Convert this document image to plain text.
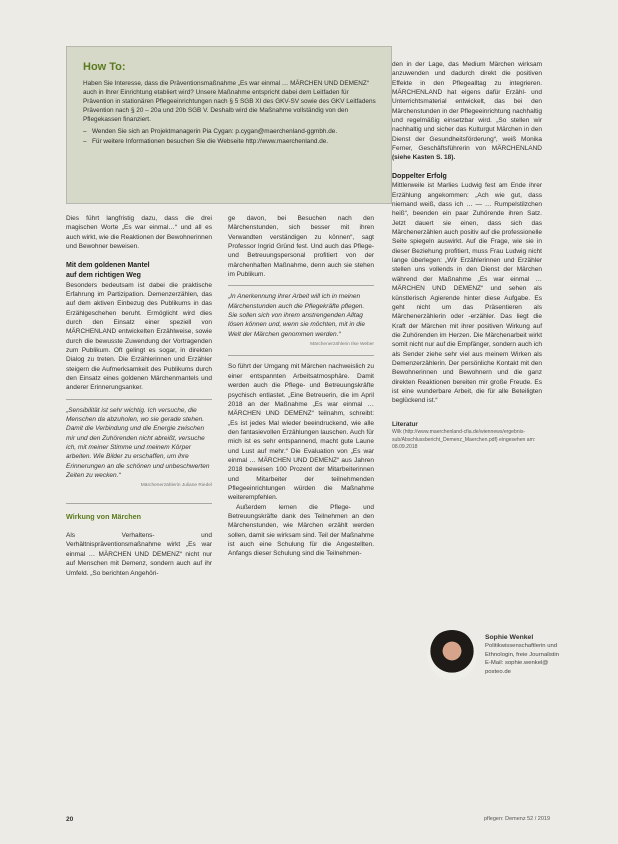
How To:

Haben Sie Interesse, dass die Präventionsmaßnahme „Es war einmal … MÄRCHEN UND DEMENZ“ auch in Ihrer Einrichtung etabliert wird? Unsere Maßnahme entspricht dabei dem Leitfaden für Prävention in stationären Pflegeeinrichtungen nach § 5 SGB XI des GKV-SV sowie des GKV Leitfadens Prävention nach § 20 – 20a und 20b SGB V. Deshalb wird die Maßnahme vollständig von den Pflegekassen finanziert.

– Wenden Sie sich an Projektmanagerin Pia Cygan: p.cygan@maerchenland-ggmbh.de.
– Für weitere Informationen besuchen Sie die Webseite http://www.maerchenland.de.

Dies führt langfristig dazu, dass die drei magischen Worte „Es war einmal…“ und all es auch wirkt, wie die Reaktionen der Bewohnerinnen und Bewohner beweisen.

Mit dem goldenen Mantel
auf dem richtigen Weg

Besonders bedeutsam ist dabei die praktische Erfahrung im Partizipation. Demenzerzählen, das auf dem aktiven Einbezug des Publikums in das Erzählgeschehen beruht. Ermöglicht wird dies durch den Einsatz einer speziell von MÄRCHENLAND entwickelten Erzählweise, sowie durch die bewusste Zuwendung der Vortragenden zum Publikum. Oft gelingt es sogar, in direkten Dialog zu treten. Die Erzählerinnen und Erzähler steigern die Aufmerksamkeit des Publikums durch den Einsatz eines goldenen Märchenmantels und anderer Erinnerungsanker.

„Sensibilität ist sehr wichtig. Ich versuche, die Menschen da abzuholen, wo sie gerade stehen. Damit die Verbindung und die Energie zwischen mir und den Zuhörenden nicht abreißt, versuche ich, mit meiner Stimme und meinem Körper arbeiten. Wie Bilder zu erschaffen, um ihre Erinnerungen an die schönen und unbeschwerten Zeiten zu wecken.“

Märchenerzählerin Juliane Riedel
Wirkung von Märchen

Als Verhaltens- und Verhältnispräventionsmaßnahme wirkt „Es war einmal … MÄRCHEN UND DEMENZ“ nicht nur auf Menschen mit Demenz, sondern auch auf ihr Umfeld. „So berichten Angehöri-

ge davon, bei Besuchen nach den Märchenstunden, sich besser mit ihren Verwandten verständigen zu können“, sagt Professor Ingrid Gründ fest. Und auch das Pflege- und Betreuungspersonal profitiert von der märchenhaften Maßnahme, denn auch sie stehen im Publikum.

„In Anerkennung ihrer Arbeit will ich in meinen Märchenstunden auch die Pflegekräfte pflegen. Sie sollen sich von ihrem anstrengenden Alltag lösen können und, wenn sie möchten, mit in die Welt der Märchen genommen werden.“

Märchenerzählerin Ilse Weber

So führt der Umgang mit Märchen nachweislich zu einer entspannten Arbeitsatmosphäre. Damit werden auch die Pflege- und Betreuungskräfte psychisch entlastet. „Eine Betreuerin, die im April 2018 an der Maßnahme „Es war einmal … MÄRCHEN UND DEMENZ“ teilnahm, schreibt: „Es ist jedes Mal wieder beeindruckend, wie alle den fantasievollen Erzählungen lauschen. Auch für mich ist es sehr entspannend, macht gute Laune und Lust auf mehr.“ Die Evaluation von „Es war einmal … MÄRCHEN UND DEMENZ“ aus Jahren 2018 beweisen 100 Prozent der Mitarbeiterinnen und Mitarbeiter der teilnehmenden Pflegeeinrichtungen würden die Maßnahme weiterempfehlen.

Außerdem lernen die Pflege- und Betreuungskräfte dank des Teilnehmen an den Märchenstunden, wie Märchen erzählt werden sollen, damit sie wirksam sind. Teil der Maßnahme ist auch eine Schulung für die Angestellten. Anfangs dieser Schulung sind die Teilnehmen-

den in der Lage, das Medium Märchen wirksam anzuwenden und dadurch direkt die positiven Effekte in den Pflegealltag zu integrieren. MÄRCHENLAND hat eigens dafür Erzähl- und Unterrichtsmaterial entwickelt, das bei den Märchenstunden in der Pflegeeinrichtung nachhaltig und regelmäßig einsetzbar wird. „So stellen wir nachhaltig und sicher das Kulturgut Märchen in den Dienst der Gesundheitsförderung“, weiß Monika Ferner, Geschäftsführerin von MÄRCHENLAND (siehe Kasten S. 18).

Doppelter Erfolg

Mittlerweile ist Marlies Ludwig fest am Ende ihrer Erzählung angekommen: „Ach wie gut, dass niemand weiß, dass ich … — … Rumpelstilzchen heiß“, beenden ein paar Zuhörende ihren Satz. Jetzt dauert sie einen, dass sich das Märchenerzählen auch positiv auf die professionelle Seite spiegeln auswirkt. Auf die Frage, wie sie in dieser Beziehung profitiert, muss Frau Ludwig nicht lange überlegen: „Wir Erzählerinnen und Erzähler stellen uns vollends in den Dienst der Märchen während der Maßnahme „Es war einmal … MÄRCHEN UND DEMENZ“ und sehen als künstlerisch Agierende hinter diese Aufgabe. Es geht nicht um das Präsentieren als Märchenerzählerin oder -erzähler. Das liegt die Kraft der Märchen mit ihrer positiven Wirkung auf die Zuhörenden im Herzen. Die Märchenarbeit wirkt somit nicht nur auf die Empfänger, sondern auch ich als Sender ziehe sehr viel aus meinem Wirken als Demenzerzählerin. Der persönliche Kontakt mit den Bewohnerinnen und Bewohnern und die ganz direkten Reaktionen bereiten mir große Freude. Es ist eine wunderbare Arbeit, die für alle Beteiligten beglückend ist.“

Literatur
Wilk (http://www.maerchenland-cfia.de/wiennews/ergebnis-sub/Abschlussbericht_Demenz_Maerchen.pdf) eingesehen am: 08.09.2018
Sophie Wenkel
Politikwissenschaftlerin und
Ethnologin, freie Journalistin
E-Mail: sophie.wenkel@
posteo.de
20	pflegen: Demenz 52 / 2019
